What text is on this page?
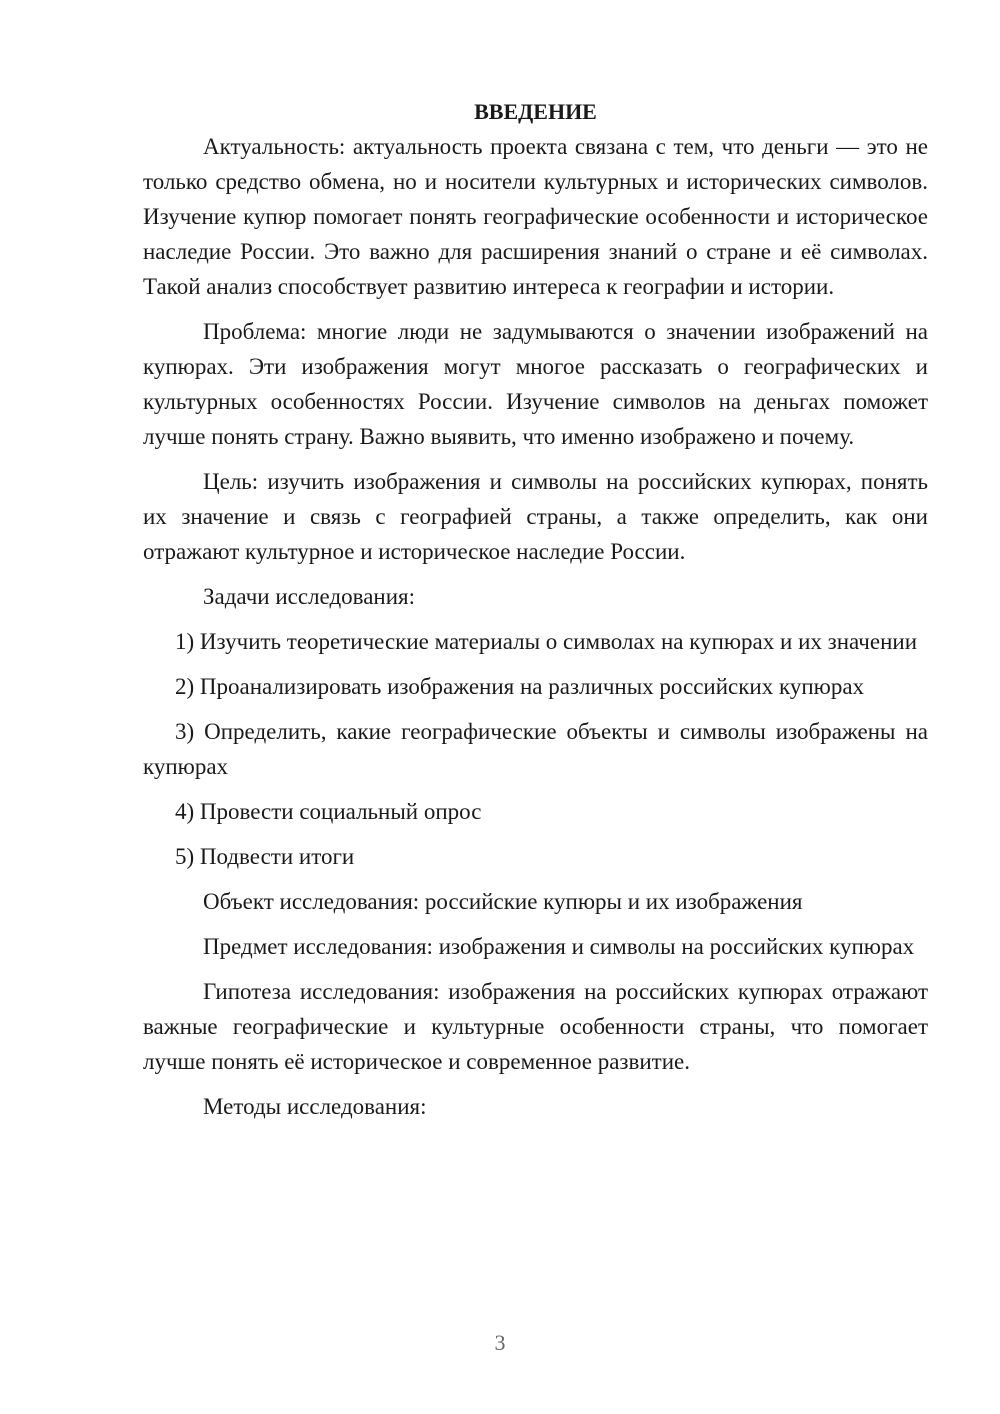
ВВЕДЕНИЕ

Актуальность: актуальность проекта связана с тем, что деньги — это не только средство обмена, но и носители культурных и исторических символов. Изучение купюр помогает понять географические особенности и историческое наследие России. Это важно для расширения знаний о стране и её символах. Такой анализ способствует развитию интереса к географии и истории.

Проблема: многие люди не задумываются о значении изображений на купюрах. Эти изображения могут многое рассказать о географических и культурных особенностях России. Изучение символов на деньгах поможет лучше понять страну. Важно выявить, что именно изображено и почему.

Цель: изучить изображения и символы на российских купюрах, понять их значение и связь с географией страны, а также определить, как они отражают культурное и историческое наследие России.

Задачи исследования:

1) Изучить теоретические материалы о символах на купюрах и их значении

2) Проанализировать изображения на различных российских купюрах

3) Определить, какие географические объекты и символы изображены на купюрах

4) Провести социальный опрос

5) Подвести итоги

Объект исследования: российские купюры и их изображения

Предмет исследования: изображения и символы на российских купюрах

Гипотеза исследования: изображения на российских купюрах отражают важные географические и культурные особенности страны, что помогает лучше понять её историческое и современное развитие.

Методы исследования:

3
